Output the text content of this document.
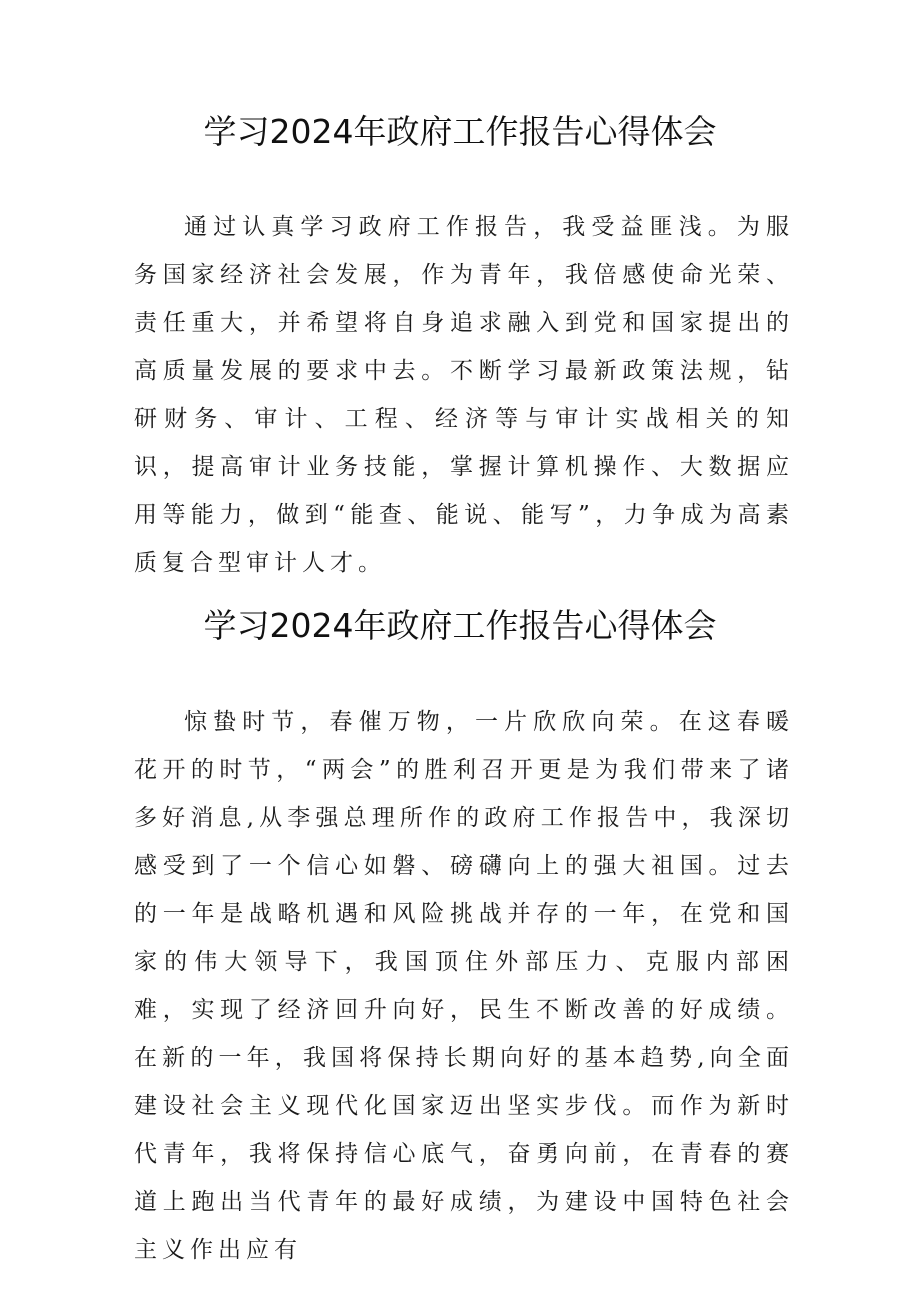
学习2024年政府工作报告心得体会

通过认真学习政府工作报告，我受益匪浅。为服务国家经济社会发展，作为青年，我倍感使命光荣、责任重大，并希望将自身追求融入到党和国家提出的高质量发展的要求中去。不断学习最新政策法规，钻研财务、审计、工程、经济等与审计实战相关的知识，提高审计业务技能，掌握计算机操作、大数据应用等能力，做到“能查、能说、能写”，力争成为高素质复合型审计人才。

学习2024年政府工作报告心得体会

惊蛰时节，春催万物，一片欣欣向荣。在这春暖花开的时节，“两会”的胜利召开更是为我们带来了诸多好消息,从李强总理所作的政府工作报告中，我深切感受到了一个信心如磐、磅礴向上的强大祖国。过去的一年是战略机遇和风险挑战并存的一年，在党和国家的伟大领导下，我国顶住外部压力、克服内部困难，实现了经济回升向好，民生不断改善的好成绩。在新的一年，我国将保持长期向好的基本趋势,向全面建设社会主义现代化国家迈出坚实步伐。而作为新时代青年，我将保持信心底气，奋勇向前，在青春的赛道上跑出当代青年的最好成绩，为建设中国特色社会主义作出应有
